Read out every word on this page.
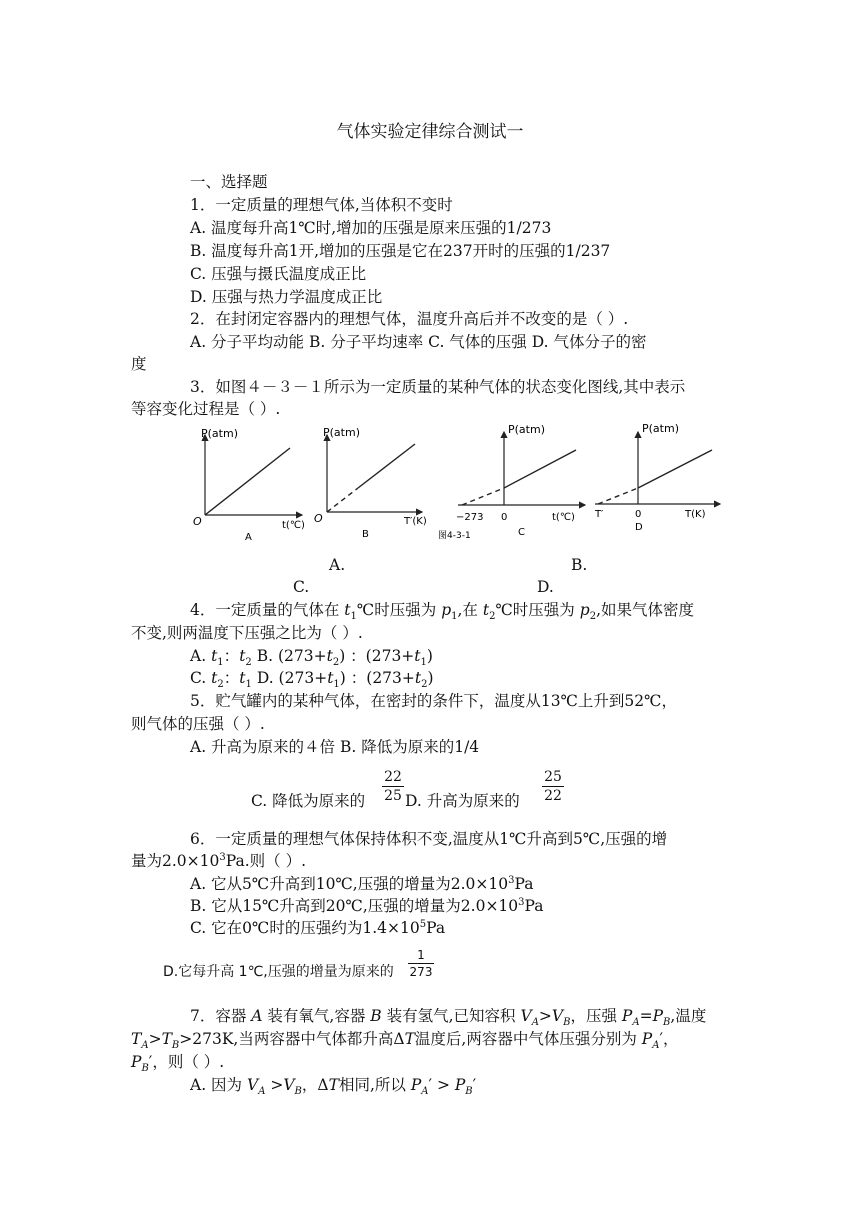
气体实验定律综合测试一
一、选择题
1．一定质量的理想气体,当体积不变时
A. 温度每升高1℃时,增加的压强是原来压强的1/273
B. 温度每升高1开,增加的压强是它在237开时的压强的1/237
C. 压强与摄氏温度成正比
D. 压强与热力学温度成正比
2．在封闭定容器内的理想气体，温度升高后并不改变的是（ ）.
A. 分子平均动能 B. 分子平均速率 C. 气体的压强 D. 气体分子的密
度
3．如图４－３－１所示为一定质量的某种气体的状态变化图线,其中表示
等容变化过程是（ ）.
P(atm)
O	t(℃)
A
P(atm)
O	T′(K)
B
P(atm)
−273 0	t(℃)
C
P(atm)
T′	0	T(K)
D
图4-3-1
A.	B.
C.	D.
4．一定质量的气体在 $t_1℃$时压强为 $p_1$,在 $t_2℃$时压强为 $p_2$,如果气体密度
不变,则两温度下压强之比为（ ）.
A. $t_1$：$t_2$ B. $(273+t_2)$ ：$(273+t_1)$
C. $t_2$：$t_1$ D. $(273+t_1)$ ：$(273+t_2)$
5．贮气罐内的某种气体，在密封的条件下，温度从13℃上升到52℃，
则气体的压强（ ）.
A. 升高为原来的４倍 B. 降低为原来的1/4
C. 降低为原来的
22
25 D. 升高为原来的
25
22
6．一定质量的理想气体保持体积不变,温度从1℃升高到5℃,压强的增
量为$2.0\times 10^3Pa$.则（ ）.
A. 它从5℃升高到10℃,压强的增量为$2.0\times 10^3Pa$
B. 它从15℃升高到20℃,压强的增量为$2.0\times 10^3Pa$
C. 它在0℃时的压强约为$1.4\times 10^5Pa$
D.它每升高 1℃,压强的增量为原来的
1
273
7．容器 A 装有氧气,容器 B 装有氢气,已知容积 $V_A>V_B$，压强 $P_A=P_B$,温度
$T_A>T_B>273K$,当两容器中气体都升高ΔT温度后,两容器中气体压强分别为 $P_A'$，
$P_B'$，则（ ）.
A. 因为 $V_A >V_B$，ΔT相同,所以 $P_A' > P_B'$
